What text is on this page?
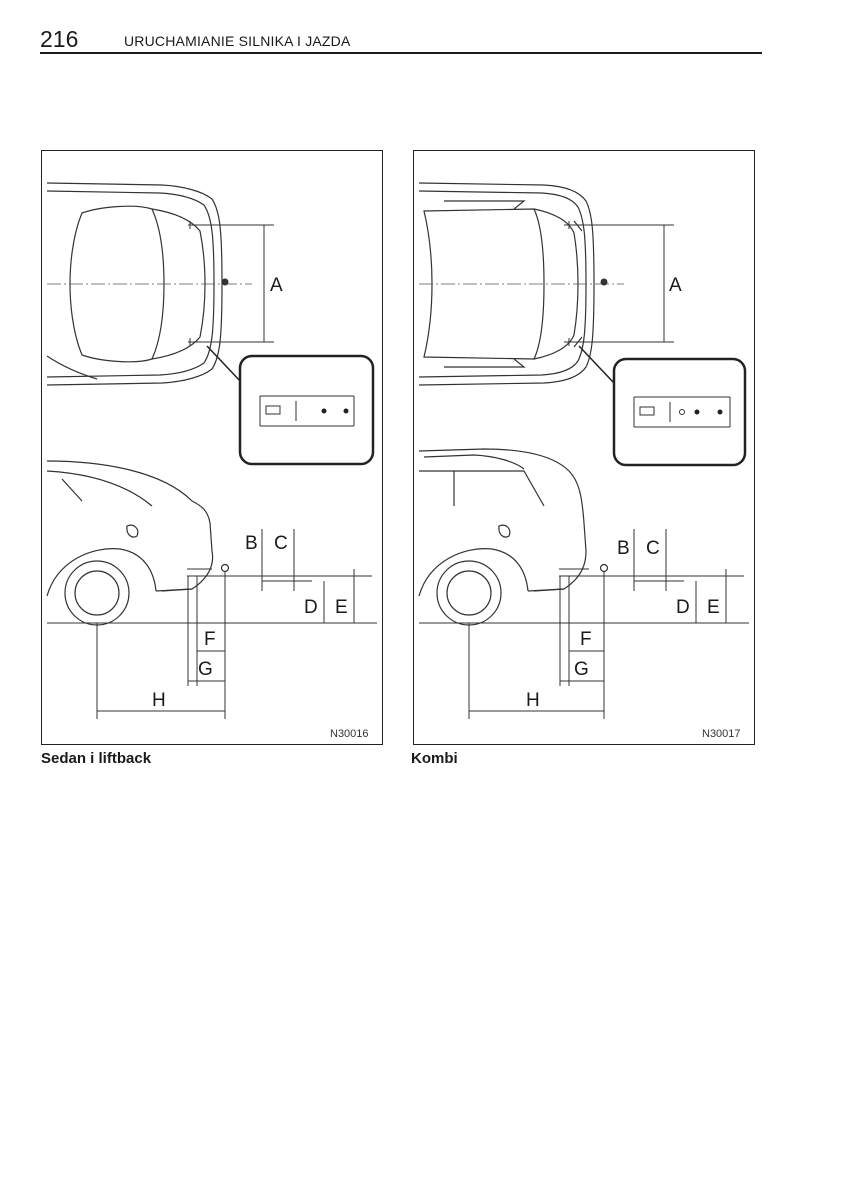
216	URUCHAMIANIE SILNIKA I JAZDA
A
B C
D E
F
G
H
N30016
Sedan i liftback
A
B C
D E
F
G
H
N30017
Kombi
